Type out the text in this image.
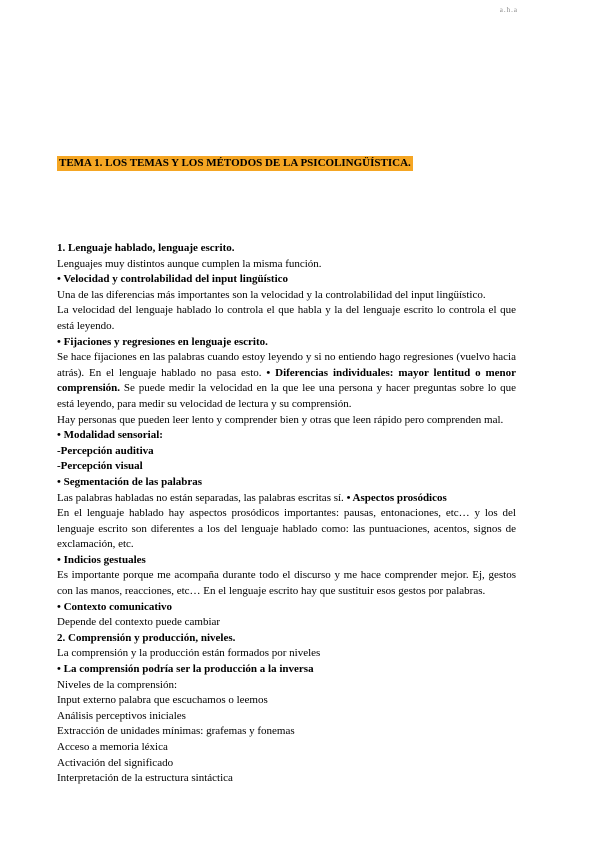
a.h.a
TEMA 1. LOS TEMAS Y LOS MÉTODOS DE LA PSICOLINGÜÍSTICA.

1. Lenguaje hablado, lenguaje escrito.

Lenguajes muy distintos aunque cumplen la misma función.

• Velocidad y controlabilidad del input lingüístico

Una de las diferencias más importantes son la velocidad y la controlabilidad del input lingüístico.

La velocidad del lenguaje hablado lo controla el que habla y la del lenguaje escrito lo controla el que está leyendo.

• Fijaciones y regresiones en lenguaje escrito.

Se hace fijaciones en las palabras cuando estoy leyendo y si no entiendo hago regresiones (vuelvo hacia atrás). En el lenguaje hablado no pasa esto. • Diferencias individuales: mayor lentitud o menor comprensión. Se puede medir la velocidad en la que lee una persona y hacer preguntas sobre lo que está leyendo, para medir su velocidad de lectura y su comprensión.

Hay personas que pueden leer lento y comprender bien y otras que leen rápido pero comprenden mal.

• Modalidad sensorial:

-Percepción auditiva

-Percepción visual

• Segmentación de las palabras

Las palabras habladas no están separadas, las palabras escritas sí. • Aspectos prosódicos

En el lenguaje hablado hay aspectos prosódicos importantes: pausas, entonaciones, etc… y los del lenguaje escrito son diferentes a los del lenguaje hablado como: las puntuaciones, acentos, signos de exclamación, etc.

• Indicios gestuales

Es importante porque me acompaña durante todo el discurso y me hace comprender mejor. Ej, gestos con las manos, reacciones, etc… En el lenguaje escrito hay que sustituir esos gestos por palabras.

• Contexto comunicativo

Depende del contexto puede cambiar

2. Comprensión y producción, niveles.

La comprensión y la producción están formados por niveles

• La comprensión podría ser la producción a la inversa

Niveles de la comprensión:

Input externo palabra que escuchamos o leemos

Análisis perceptivos iniciales

Extracción de unidades mínimas: grafemas y fonemas

Acceso a memoria léxica

Activación del significado

Interpretación de la estructura sintáctica
